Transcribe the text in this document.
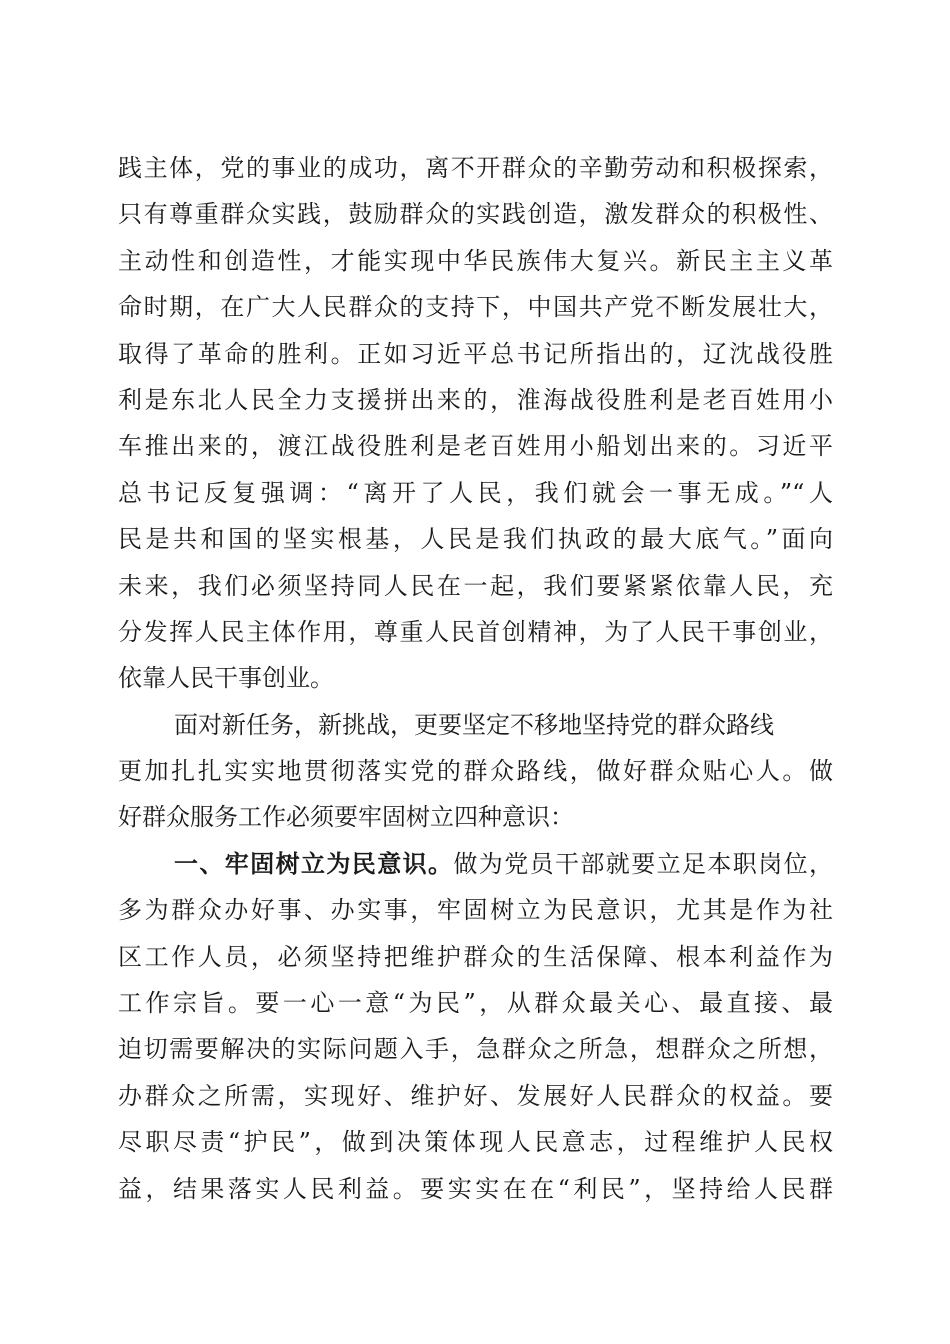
践主体，党的事业的成功，离不开群众的辛勤劳动和积极探索，
只有尊重群众实践，鼓励群众的实践创造，激发群众的积极性、
主动性和创造性，才能实现中华民族伟大复兴。新民主主义革
命时期，在广大人民群众的支持下，中国共产党不断发展壮大，
取得了革命的胜利。正如习近平总书记所指出的，辽沈战役胜
利是东北人民全力支援拼出来的，淮海战役胜利是老百姓用小
车推出来的，渡江战役胜利是老百姓用小船划出来的。习近平
总书记反复强调：“离开了人民，我们就会一事无成。”“人
民是共和国的坚实根基，人民是我们执政的最大底气。”面向
未来，我们必须坚持同人民在一起，我们要紧紧依靠人民，充
分发挥人民主体作用，尊重人民首创精神，为了人民干事创业，
依靠人民干事创业。
面对新任务，新挑战，更要坚定不移地坚持党的群众路线
更加扎扎实实地贯彻落实党的群众路线，做好群众贴心人。做
好群众服务工作必须要牢固树立四种意识：
一、牢固树立为民意识。做为党员干部就要立足本职岗位，
多为群众办好事、办实事，牢固树立为民意识，尤其是作为社
区工作人员，必须坚持把维护群众的生活保障、根本利益作为
工作宗旨。要一心一意“为民”，从群众最关心、最直接、最
迫切需要解决的实际问题入手，急群众之所急，想群众之所想，
办群众之所需，实现好、维护好、发展好人民群众的权益。要
尽职尽责“护民”，做到决策体现人民意志，过程维护人民权
益，结果落实人民利益。要实实在在“利民”，坚持给人民群
